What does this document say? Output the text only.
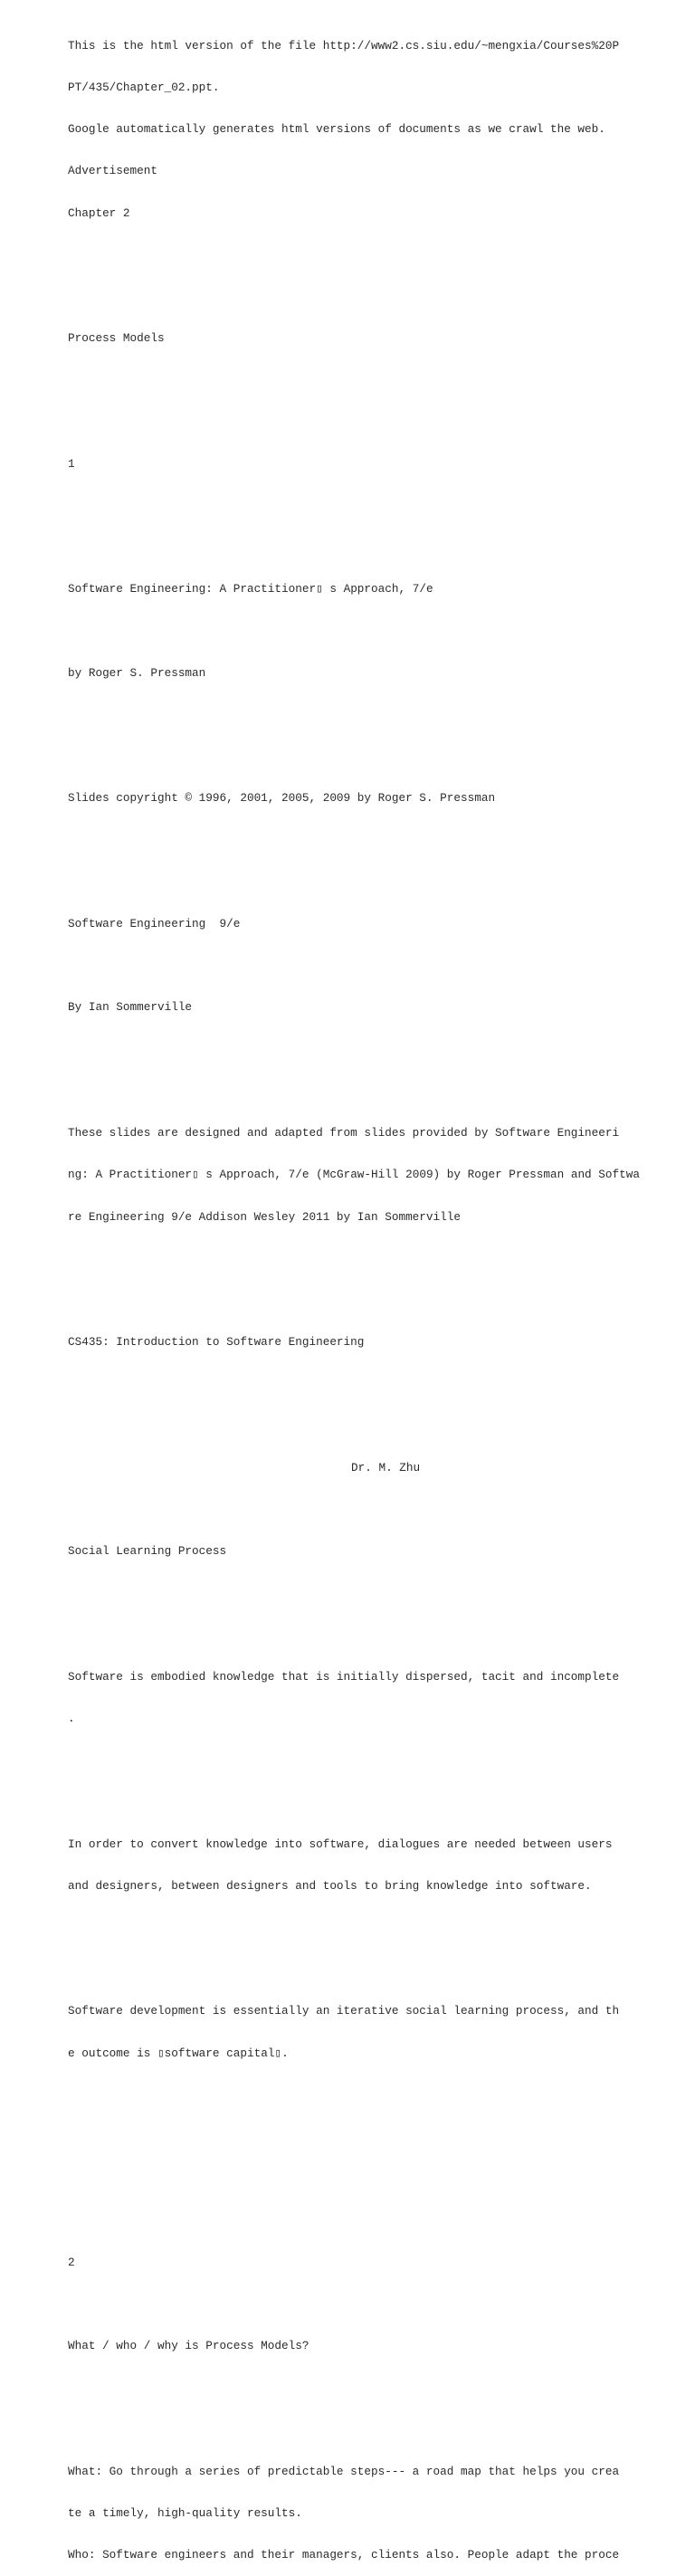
This is the html version of the file http://www2.cs.siu.edu/~mengxia/Courses%20P

PT/435/Chapter_02.ppt.

Google automatically generates html versions of documents as we crawl the web.

Advertisement

Chapter 2

Process Models

1

Software Engineering: A Practitioner▯ s Approach, 7/e

by Roger S. Pressman

Slides copyright © 1996, 2001, 2005, 2009 by Roger S. Pressman

Software Engineering  9/e

By Ian Sommerville

These slides are designed and adapted from slides provided by Software Engineeri

ng: A Practitioner▯ s Approach, 7/e (McGraw-Hill 2009) by Roger Pressman and Softwa

re Engineering 9/e Addison Wesley 2011 by Ian Sommerville

CS435: Introduction to Software Engineering

Dr. M. Zhu

Social Learning Process

Software is embodied knowledge that is initially dispersed, tacit and incomplete

.

In order to convert knowledge into software, dialogues are needed between users

and designers, between designers and tools to bring knowledge into software.

Software development is essentially an iterative social learning process, and th

e outcome is ▯software capital▯.

2

What / who / why is Process Models?

What: Go through a series of predictable steps--- a road map that helps you crea

te a timely, high-quality results.

Who: Software engineers and their managers, clients also. People adapt the proce
